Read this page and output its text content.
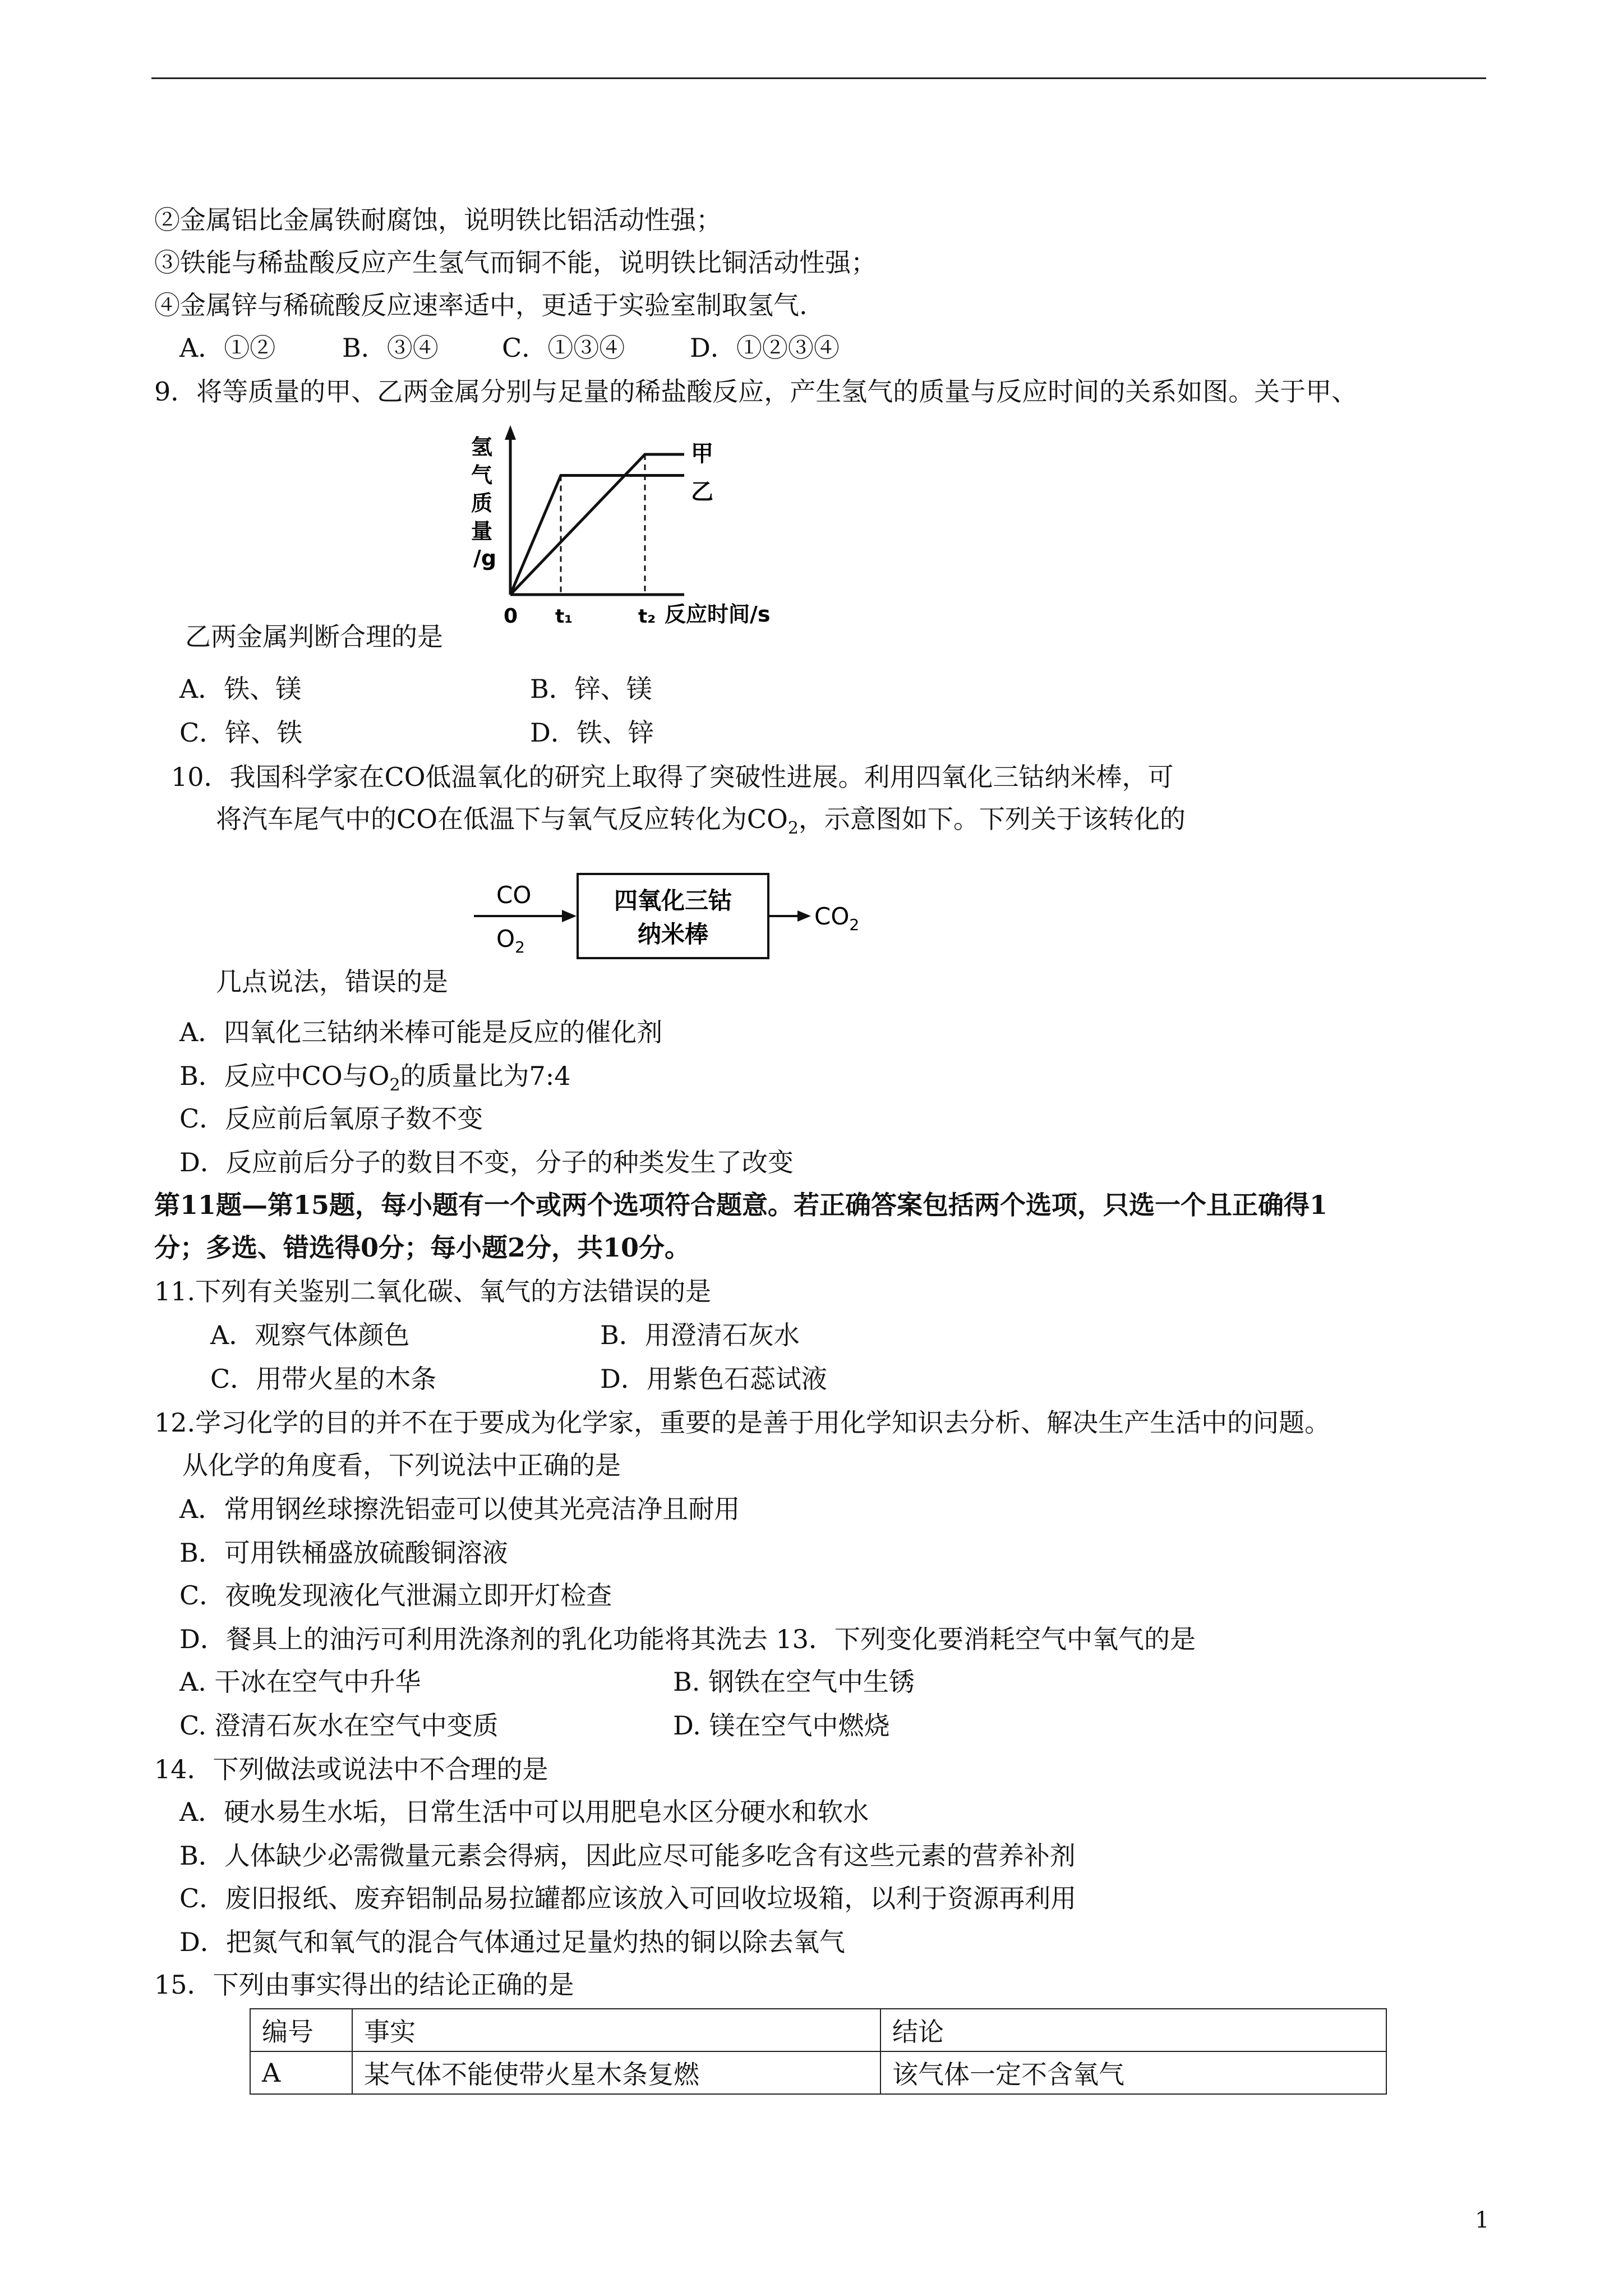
②金属铝比金属铁耐腐蚀，说明铁比铝活动性强；
③铁能与稀盐酸反应产生氢气而铜不能，说明铁比铜活动性强；
④金属锌与稀硫酸反应速率适中，更适于实验室制取氢气.
A．①②	B．③④ C．①③④	D．①②③④
9．将等质量的甲、乙两金属分别与足量的稀盐酸反应，产生氢气的质量与反应时间的关系如图。关于甲、
氢
气
质
量
/g
甲
乙
0 t₁	t₂ 反应时间/s
乙两金属判断合理的是
A．铁、镁	B．锌、镁
C．锌、铁	D．铁、锌
10．我国科学家在CO低温氧化的研究上取得了突破性进展。利用四氧化三钴纳米棒，可
将汽车尾气中的CO在低温下与氧气反应转化为$CO_2$，示意图如下。下列关于该转化的
CO
$O_2$
四氧化三钴
纳米棒
$CO_2$
几点说法，错误的是
A．四氧化三钴纳米棒可能是反应的催化剂
B．反应中CO与$O_2$的质量比为7:4
C．反应前后氧原子数不变
D．反应前后分子的数目不变，分子的种类发生了改变
第11题—第15题，每小题有一个或两个选项符合题意。若正确答案包括两个选项，只选一个且正确得1
分；多选、错选得0分；每小题2分，共10分。
11.下列有关鉴别二氧化碳、氧气的方法错误的是
A．观察气体颜色	B．用澄清石灰水
C．用带火星的木条	D．用紫色石蕊试液
12.学习化学的目的并不在于要成为化学家，重要的是善于用化学知识去分析、解决生产生活中的问题。
从化学的角度看，下列说法中正确的是
A．常用钢丝球擦洗铝壶可以使其光亮洁净且耐用
B．可用铁桶盛放硫酸铜溶液
C．夜晚发现液化气泄漏立即开灯检查
D．餐具上的油污可利用洗涤剂的乳化功能将其洗去 13．下列变化要消耗空气中氧气的是
A. 干冰在空气中升华	B. 钢铁在空气中生锈
C. 澄清石灰水在空气中变质	D. 镁在空气中燃烧
14．下列做法或说法中不合理的是
A．硬水易生水垢，日常生活中可以用肥皂水区分硬水和软水
B．人体缺少必需微量元素会得病，因此应尽可能多吃含有这些元素的营养补剂
C．废旧报纸、废弃铝制品易拉罐都应该放入可回收垃圾箱，以利于资源再利用
D．把氮气和氧气的混合气体通过足量灼热的铜以除去氧气
15．下列由事实得出的结论正确的是
编号	事实	结论
A	某气体不能使带火星木条复燃	该气体一定不含氧气
1
